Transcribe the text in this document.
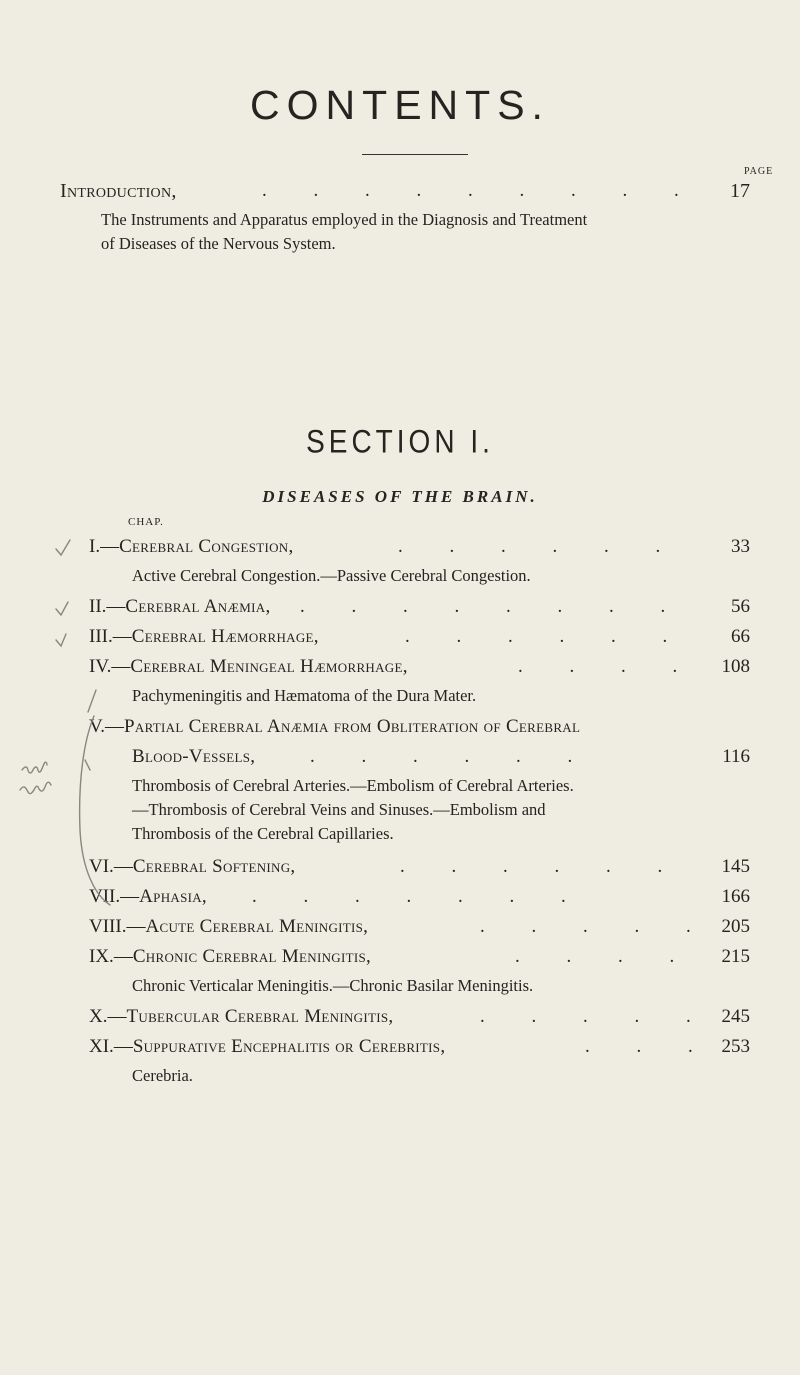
CONTENTS.
PAGE
Introduction,	. . . . . . . . .	17
The Instruments and Apparatus employed in the Diagnosis and Treatment
of Diseases of the Nervous System.
SECTION I.
DISEASES OF THE BRAIN.
CHAP.
I.—Cerebral Congestion,	. . . . . .	33
Active Cerebral Congestion.—Passive Cerebral Congestion.
II.—Cerebral Anæmia, . . . . . . . .	56
III.—Cerebral Hæmorrhage,	. . . . . .	66
IV.—Cerebral Meningeal Hæmorrhage,	. . . .	108
Pachymeningitis and Hæmatoma of the Dura Mater.
V.—Partial Cerebral Anæmia from Obliteration of Cerebral
Blood-Vessels,	. . . . . .	116
Thrombosis of Cerebral Arteries.—Embolism of Cerebral Arteries.
—Thrombosis of Cerebral Veins and Sinuses.—Embolism and
Thrombosis of the Cerebral Capillaries.
VI.—Cerebral Softening,	. . . . . .	145
VII.—Aphasia, . . . . . . .	166
VIII.—Acute Cerebral Meningitis,	. . . . . 205
IX.—Chronic Cerebral Meningitis,	. . . .	215
Chronic Verticalar Meningitis.—Chronic Basilar Meningitis.
X.—Tubercular Cerebral Meningitis,	. . . . . 245
XI.—Suppurative Encephalitis or Cerebritis,	. . . 253
Cerebria.
